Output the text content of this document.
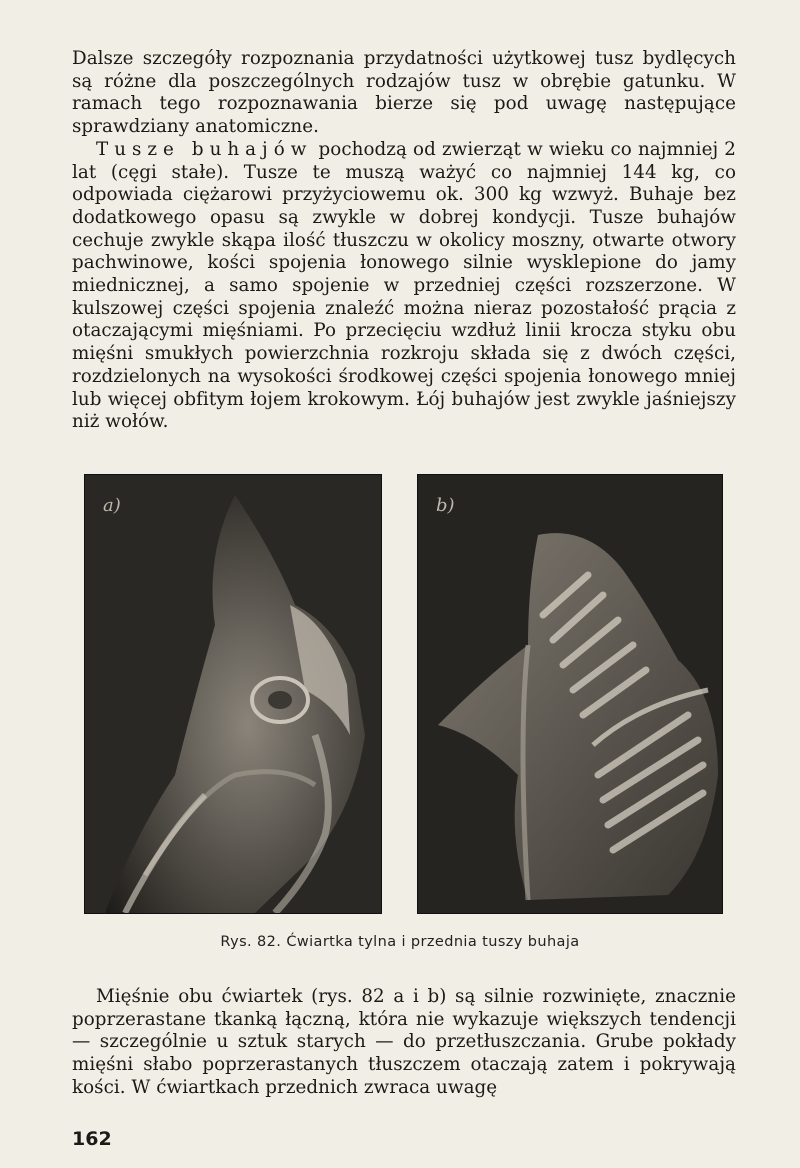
Dalsze szczegóły rozpoznania przydatności użytkowej tusz bydlęcych są różne dla poszczególnych rodzajów tusz w obrębie gatunku. W ramach tego rozpoznawania bierze się pod uwagę następujące sprawdziany anatomiczne.

Tusze buhajów pochodzą od zwierząt w wieku co najmniej 2 lat (cęgi stałe). Tusze te muszą ważyć co najmniej 144 kg, co odpowiada ciężarowi przyżyciowemu ok. 300 kg wzwyż. Buhaje bez dodatkowego opasu są zwykle w dobrej kondycji. Tusze buhajów cechuje zwykle skąpa ilość tłuszczu w okolicy moszny, otwarte otwory pachwinowe, kości spojenia łonowego silnie wysklepione do jamy miednicznej, a samo spojenie w przedniej części rozszerzone. W kulszowej części spojenia znaleźć można nieraz pozostałość prącia z otaczającymi mięśniami. Po przecięciu wzdłuż linii krocza styku obu mięśni smukłych powierzchnia rozkroju składa się z dwóch części, rozdzielonych na wysokości środkowej części spojenia łonowego mniej lub więcej obfitym łojem krokowym. Łój buhajów jest zwykle jaśniejszy niż wołów.

a)	b)
Rys. 82. Ćwiartka tylna i przednia tuszy buhaja

Mięśnie obu ćwiartek (rys. 82 a i b) są silnie rozwinięte, znacznie poprzerastane tkanką łączną, która nie wykazuje większych tendencji — szczególnie u sztuk starych — do przetłuszczania. Grube pokłady mięśni słabo poprzerastanych tłuszczem otaczają zatem i pokrywają kości. W ćwiartkach przednich zwraca uwagę

162
